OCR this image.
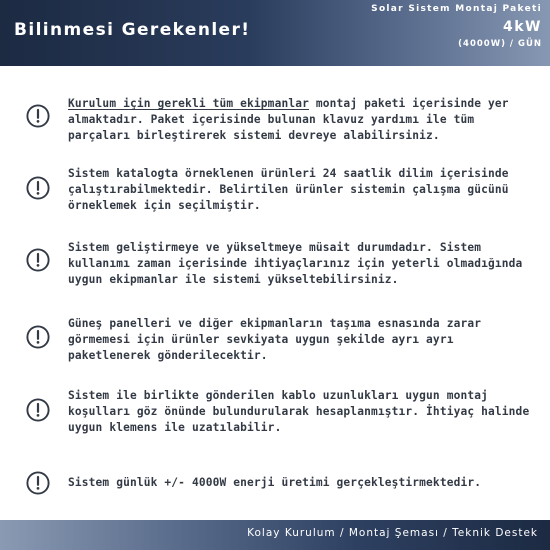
Bilinmesi Gerekenler!
Solar Sistem Montaj Paketi
4kW
(4000W) / GÜN

Kurulum için gerekli tüm ekipmanlar montaj paketi içerisinde yer almaktadır. Paket içerisinde bulunan klavuz yardımı ile tüm parçaları birleştirerek sistemi devreye alabilirsiniz.

Sistem katalogta örneklenen ürünleri 24 saatlik dilim içerisinde çalıştırabilmektedir. Belirtilen ürünler sistemin çalışma gücünü örneklemek için seçilmiştir.

Sistem geliştirmeye ve yükseltmeye müsait durumdadır. Sistem kullanımı zaman içerisinde ihtiyaçlarınız için yeterli olmadığında uygun ekipmanlar ile sistemi yükseltebilirsiniz.

Güneş panelleri ve diğer ekipmanların taşıma esnasında zarar görmemesi için ürünler sevkiyata uygun şekilde ayrı ayrı paketlenerek gönderilecektir.

Sistem ile birlikte gönderilen kablo uzunlukları uygun montaj koşulları göz önünde bulundurularak hesaplanmıştır. İhtiyaç halinde uygun klemens ile uzatılabilir.

Sistem günlük +/- 4000W enerji üretimi gerçekleştirmektedir.

Kolay Kurulum / Montaj Şeması / Teknik Destek
